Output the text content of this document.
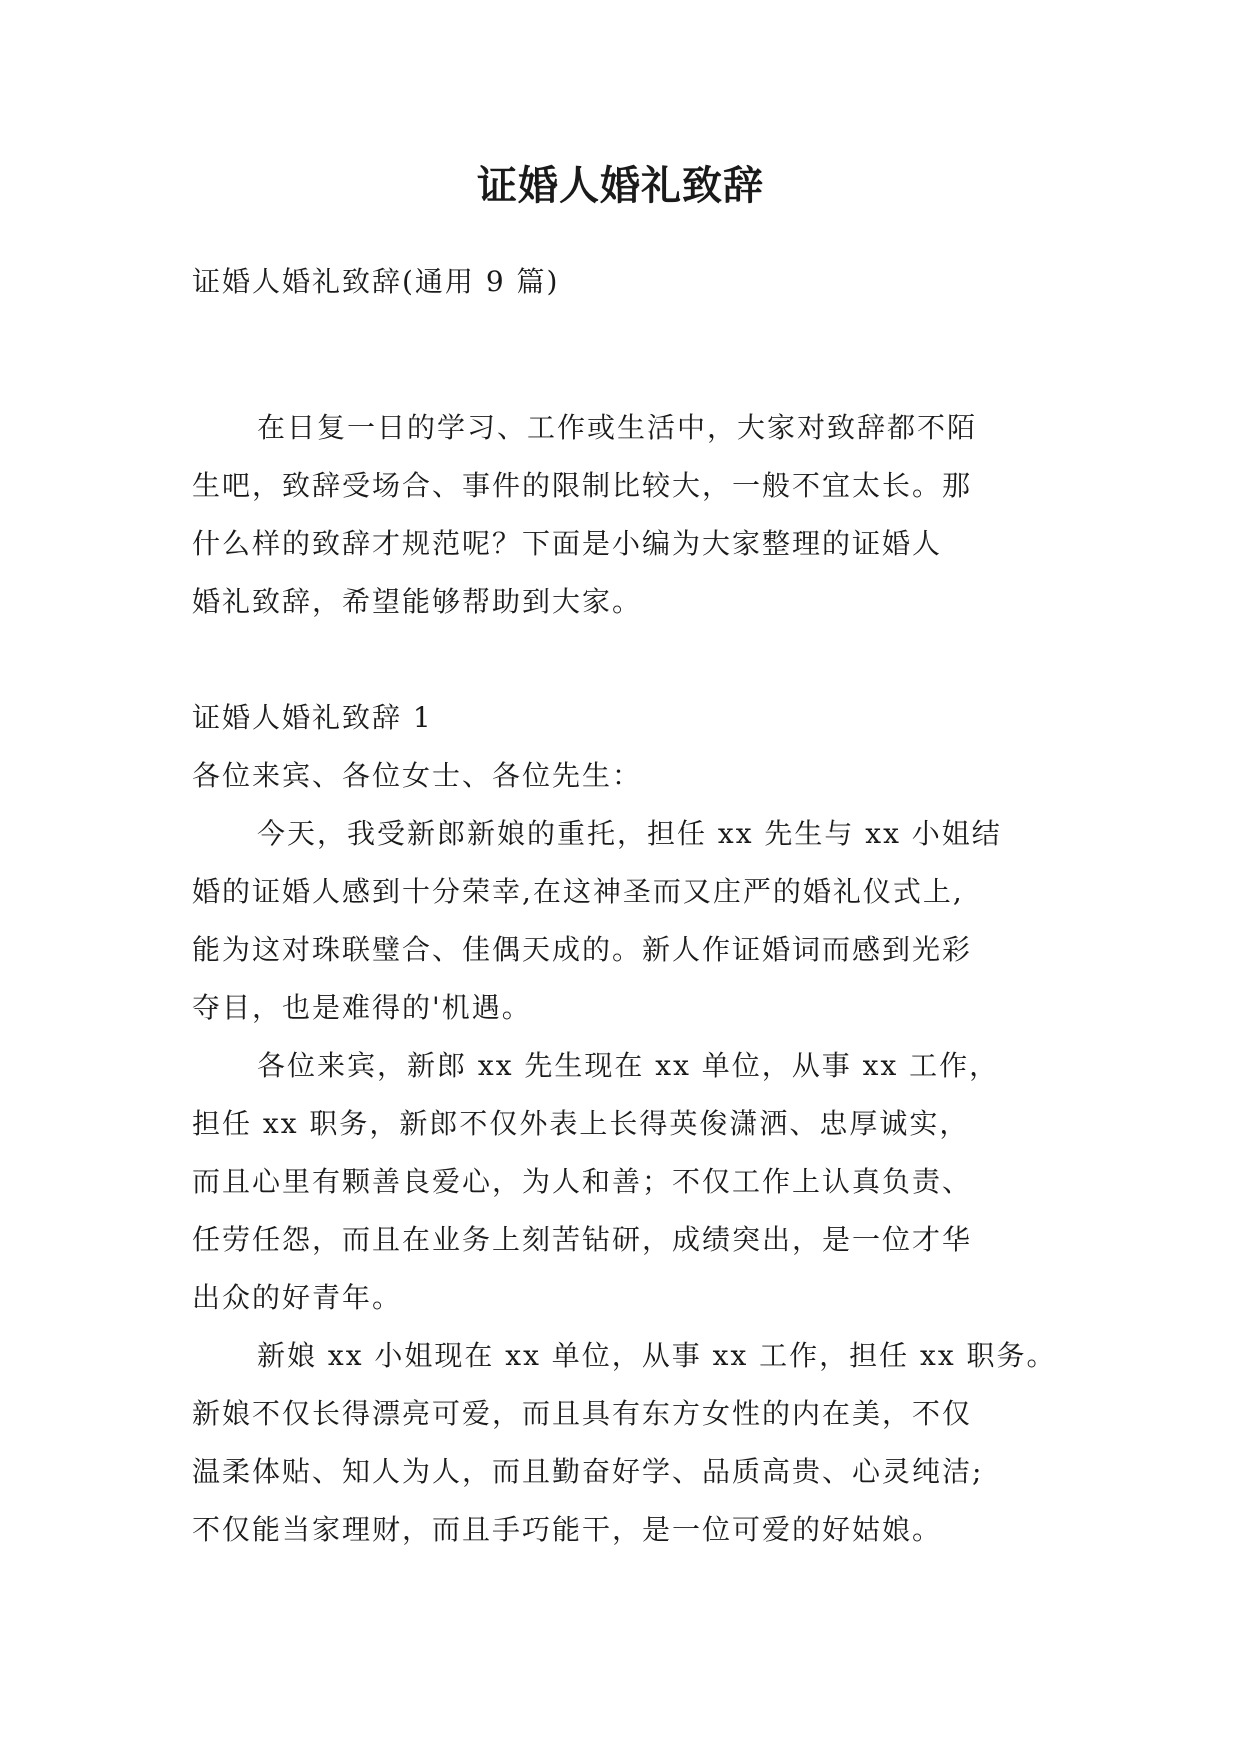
证婚人婚礼致辞
证婚人婚礼致辞(通用 9 篇)
在日复一日的学习、工作或生活中，大家对致辞都不陌
生吧，致辞受场合、事件的限制比较大，一般不宜太长。那
什么样的致辞才规范呢？下面是小编为大家整理的证婚人
婚礼致辞，希望能够帮助到大家。
证婚人婚礼致辞 1
各位来宾、各位女士、各位先生：
今天，我受新郎新娘的重托，担任 xx 先生与 xx 小姐结
婚的证婚人感到十分荣幸,在这神圣而又庄严的婚礼仪式上,
能为这对珠联璧合、佳偶天成的。新人作证婚词而感到光彩
夺目，也是难得的'机遇。
各位来宾，新郎 xx 先生现在 xx 单位，从事 xx 工作，
担任 xx 职务，新郎不仅外表上长得英俊潇洒、忠厚诚实，
而且心里有颗善良爱心，为人和善；不仅工作上认真负责、
任劳任怨，而且在业务上刻苦钻研，成绩突出，是一位才华
出众的好青年。
新娘 xx 小姐现在 xx 单位，从事 xx 工作，担任 xx 职务。
新娘不仅长得漂亮可爱，而且具有东方女性的内在美，不仅
温柔体贴、知人为人，而且勤奋好学、品质高贵、心灵纯洁;
不仅能当家理财，而且手巧能干，是一位可爱的好姑娘。
